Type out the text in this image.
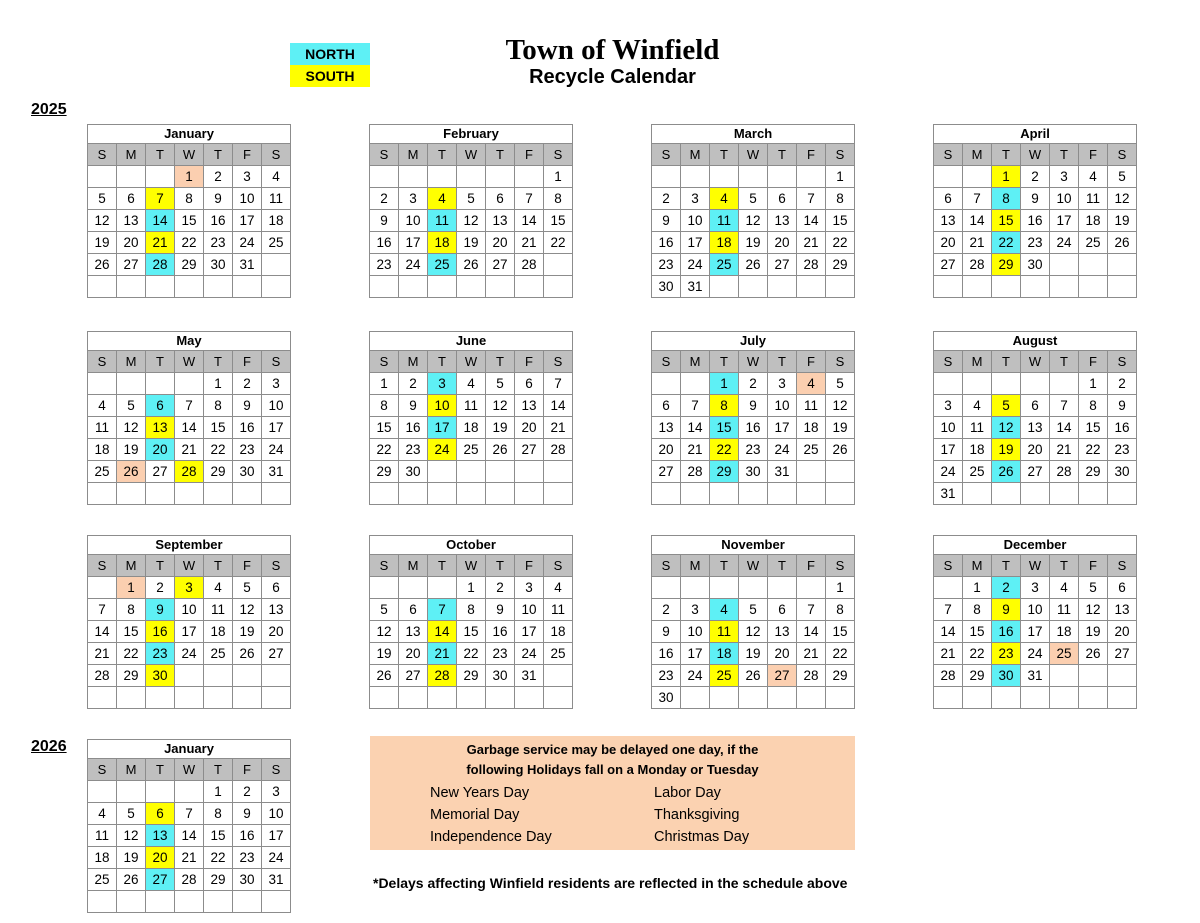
NORTH
SOUTH
Town of Winfield
Recycle Calendar
2025
2026
January						
S	M	T	W	T	F	S
			1	2	3	4
5	6	7	8	9	10	11
12	13	14	15	16	17	18
19	20	21	22	23	24	25
26	27	28	29	30	31	

February						
S	M	T	W	T	F	S
						1
2	3	4	5	6	7	8
9	10	11	12	13	14	15
16	17	18	19	20	21	22
23	24	25	26	27	28	

March						
S	M	T	W	T	F	S
						1
2	3	4	5	6	7	8
9	10	11	12	13	14	15
16	17	18	19	20	21	22
23	24	25	26	27	28	29
30	31					
April						
S	M	T	W	T	F	S
		1	2	3	4	5
6	7	8	9	10	11	12
13	14	15	16	17	18	19
20	21	22	23	24	25	26
27	28	29	30			

May						
S	M	T	W	T	F	S
				1	2	3
4	5	6	7	8	9	10
11	12	13	14	15	16	17
18	19	20	21	22	23	24
25	26	27	28	29	30	31

June						
S	M	T	W	T	F	S
1	2	3	4	5	6	7
8	9	10	11	12	13	14
15	16	17	18	19	20	21
22	23	24	25	26	27	28
29	30					

July						
S	M	T	W	T	F	S
		1	2	3	4	5
6	7	8	9	10	11	12
13	14	15	16	17	18	19
20	21	22	23	24	25	26
27	28	29	30	31		

August						
S	M	T	W	T	F	S
					1	2
3	4	5	6	7	8	9
10	11	12	13	14	15	16
17	18	19	20	21	22	23
24	25	26	27	28	29	30
31						
September						
S	M	T	W	T	F	S
	1	2	3	4	5	6
7	8	9	10	11	12	13
14	15	16	17	18	19	20
21	22	23	24	25	26	27
28	29	30				

October						
S	M	T	W	T	F	S
			1	2	3	4
5	6	7	8	9	10	11
12	13	14	15	16	17	18
19	20	21	22	23	24	25
26	27	28	29	30	31	

November						
S	M	T	W	T	F	S
						1
2	3	4	5	6	7	8
9	10	11	12	13	14	15
16	17	18	19	20	21	22
23	24	25	26	27	28	29
30						
December						
S	M	T	W	T	F	S
	1	2	3	4	5	6
7	8	9	10	11	12	13
14	15	16	17	18	19	20
21	22	23	24	25	26	27
28	29	30	31			

January						
S	M	T	W	T	F	S
				1	2	3
4	5	6	7	8	9	10
11	12	13	14	15	16	17
18	19	20	21	22	23	24
25	26	27	28	29	30	31

Garbage service may be delayed one day, if the
following Holidays fall on a Monday or Tuesday
New Years Day	Labor Day
Memorial Day	Thanksgiving
Independence Day	Christmas Day
*Delays affecting Winfield residents are reflected in the schedule above
